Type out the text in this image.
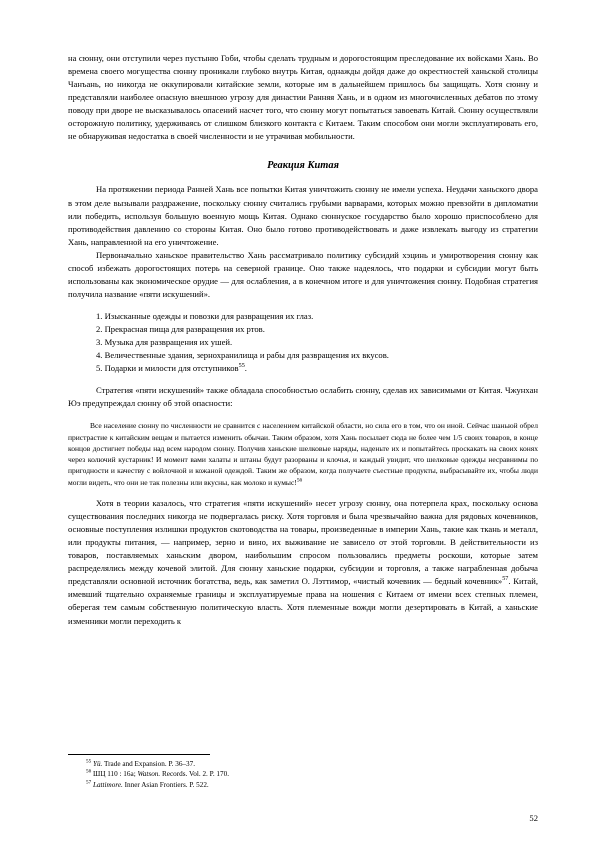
на сюнну, они отступили через пустыню Гоби, чтобы сделать трудным и дорогостоящим преследование их войсками Хань. Во времена своего могущества сюнну проникали глубоко внутрь Китая, однажды дойдя даже до окрестностей ханьской столицы Чанъань, но никогда не оккупировали китайские земли, которые им в дальнейшем пришлось бы защищать. Хотя сюнну и представляли наиболее опасную внешнюю угрозу для династии Ранняя Хань, и в одном из многочисленных дебатов по этому поводу при дворе не высказывалось опасений насчет того, что сюнну могут попытаться завоевать Китай. Сюнну осуществляли осторожную политику, удерживаясь от слишком близкого контакта с Китаем. Таким способом они могли эксплуатировать его, не обнаруживая недостатка в своей численности и не утрачивая мобильности.

Реакция Китая

На протяжении периода Ранней Хань все попытки Китая уничтожить сюнну не имели успеха. Неудачи ханьского двора в этом деле вызывали раздражение, поскольку сюнну считались грубыми варварами, которых можно превзойти в дипломатии или победить, используя большую военную мощь Китая. Однако сюннуское государство было хорошо приспособлено для противодействия давлению со стороны Китая. Оно было готово противодействовать и даже извлекать выгоду из стратегии Хань, направленной на его уничтожение.

Первоначально ханьское правительство Хань рассматривало политику субсидий хэцинь и умиротворения сюнну как способ избежать дорогостоящих потерь на северной границе. Оно также надеялось, что подарки и субсидии могут быть использованы как экономическое орудие — для ослабления, а в конечном итоге и для уничтожения сюнну. Подобная стратегия получила название «пяти искушений».

1. Изысканные одежды и повозки для развращения их глаз.
2. Прекрасная пища для развращения их ртов.
3. Музыка для развращения их ушей.
4. Величественные здания, зернохранилища и рабы для развращения их вкусов.
5. Подарки и милости для отступников$^{55}$.

Стратегия «пяти искушений» также обладала способностью ослабить сюнну, сделав их зависимыми от Китая. Чжунхан Юэ предупреждал сюнну об этой опасности:

Все население сюнну по численности не сравнится с населением китайской области, но сила его в том, что он иной. Сейчас шаньюй обрел пристрастие к китайским вещам и пытается изменить обычаи. Таким образом, хотя Хань посылает сюда не более чем 1/5 своих товаров, в конце концов достигнет победы над всем народом сюнну. Получив ханьские шелковые наряды, наденьте их и попытайтесь проскакать на своих конях через колючий кустарник! И момент вами халаты и штаны будут разорваны и клочья, и каждый увидит, что шелковые одежды несравнимы по пригодности и качеству с войлочной и кожаной одеждой. Таким же образом, когда получаете съестные продукты, выбрасывайте их, чтобы люди могли видеть, что они не так полезны или вкусны, как молоко и кумыс!$^{56}$

Хотя в теории казалось, что стратегия «пяти искушений» несет угрозу сюнну, она потерпела крах, поскольку основа существования последних никогда не подвергалась риску. Хотя торговля и была чрезвычайно важна для рядовых кочевников, основные поступления излишки продуктов скотоводства на товары, произведенные в империи Хань, такие как ткань и металл, или продукты питания, — например, зерно и вино, их выживание не зависело от этой торговли. В действительности из товаров, поставляемых ханьским двором, наибольшим спросом пользовались предметы роскоши, которые затем распределялись между кочевой элитой. Для сюнну ханьские подарки, субсидии и торговля, а также награбленная добыча представляли основной источник богатства, ведь, как заметил О. Лэттимор, «чистый кочевник — бедный кочевник»$^{57}$. Китай, имевший тщательно охраняемые границы и эксплуатируемые права на ношения с Китаем от имени всех степных племен, оберегая тем самым собственную политическую власть. Хотя племенные вожди могли дезертировать в Китай, а ханьские изменники могли переходить к

$^{55}$ Yü. Trade and Expansion. P. 36–37.

$^{56}$ ШЦ 110 : 16a; Watson. Records. Vol. 2. P. 170.

$^{57}$ Lattimore. Inner Asian Frontiers. P. 522.

52
